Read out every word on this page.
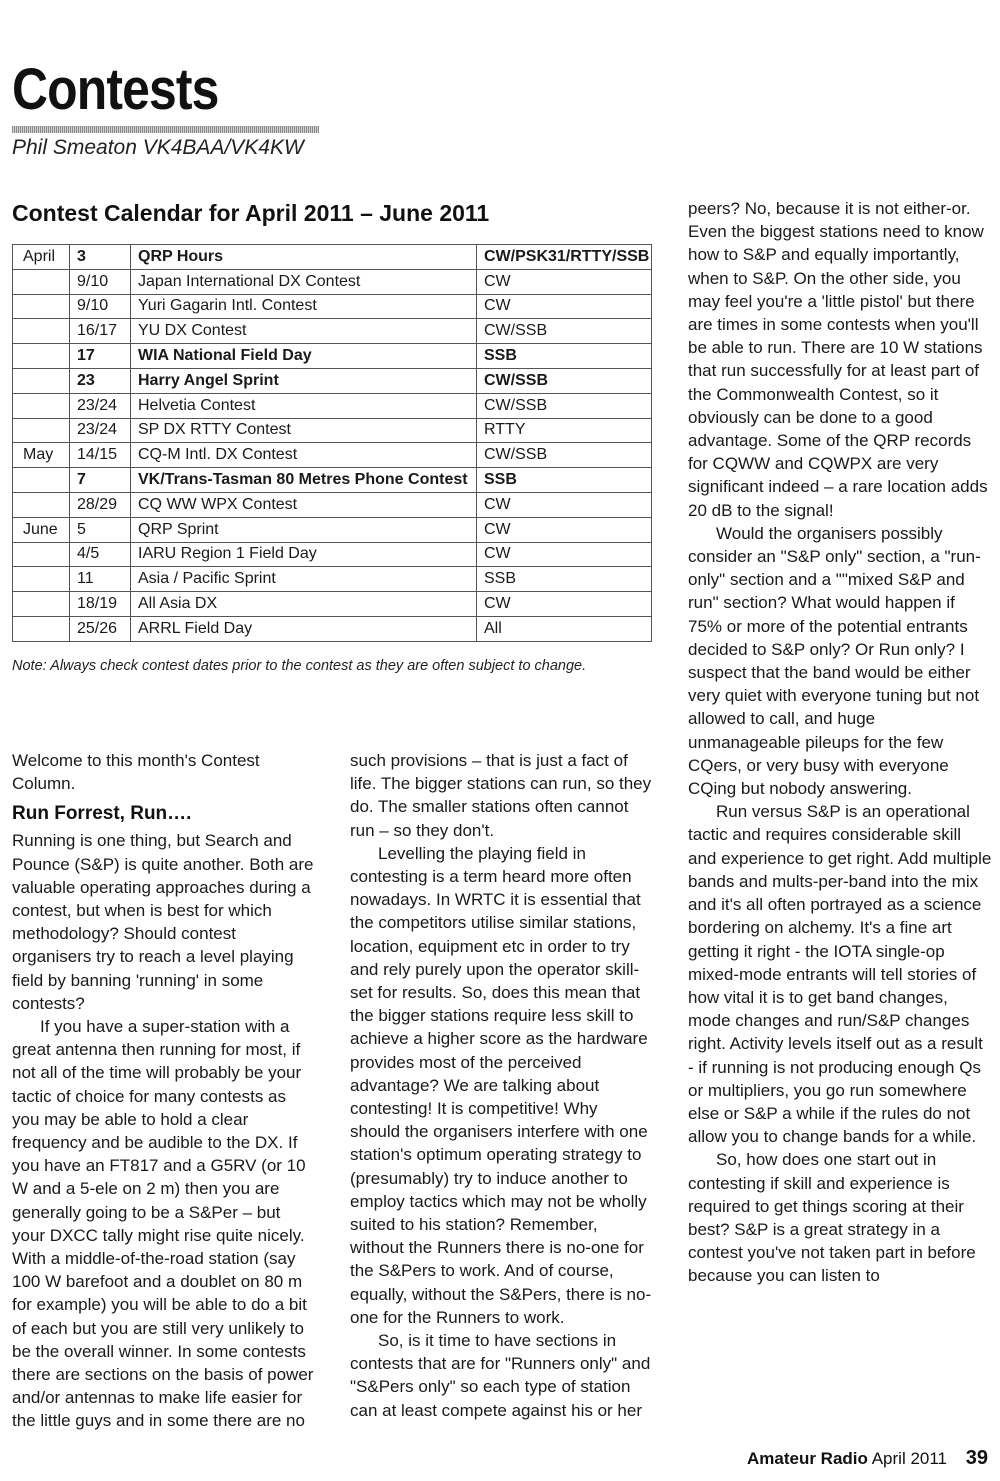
Contests

Phil Smeaton VK4BAA/VK4KW

Contest Calendar for April 2011 – June 2011
April	3	QRP Hours	CW/PSK31/RTTY/SSB
	9/10	Japan International DX Contest	CW
	9/10	Yuri Gagarin Intl. Contest	CW
	16/17	YU DX Contest	CW/SSB
	17	WIA National Field Day	SSB
	23	Harry Angel Sprint	CW/SSB
	23/24	Helvetia Contest	CW/SSB
	23/24	SP DX RTTY Contest	RTTY
May	14/15	CQ-M Intl. DX Contest	CW/SSB
	7	VK/Trans-Tasman 80 Metres Phone Contest	SSB
	28/29	CQ WW WPX Contest	CW
June	5	QRP Sprint	CW
	4/5	IARU Region 1 Field Day	CW
	11	Asia / Pacific Sprint	SSB
	18/19	All Asia DX	CW
	25/26	ARRL Field Day	All

Note: Always check contest dates prior to the contest as they are often subject to change.

Welcome to this month's Contest Column.

Run Forrest, Run….

Running is one thing, but Search and Pounce (S&P) is quite another. Both are valuable operating approaches during a contest, but when is best for which methodology? Should contest organisers try to reach a level playing field by banning 'running' in some contests?

If you have a super-station with a great antenna then running for most, if not all of the time will probably be your tactic of choice for many contests as you may be able to hold a clear frequency and be audible to the DX. If you have an FT817 and a G5RV (or 10 W and a 5-ele on 2 m) then you are generally going to be a S&Per – but your DXCC tally might rise quite nicely. With a middle-of-the-road station (say 100 W barefoot and a doublet on 80 m for example) you will be able to do a bit of each but you are still very unlikely to be the overall winner. In some contests there are sections on the basis of power and/or antennas to make life easier for the little guys and in some there are no

such provisions – that is just a fact of life. The bigger stations can run, so they do. The smaller stations often cannot run – so they don't.

Levelling the playing field in contesting is a term heard more often nowadays. In WRTC it is essential that the competitors utilise similar stations, location, equipment etc in order to try and rely purely upon the operator skill-set for results. So, does this mean that the bigger stations require less skill to achieve a higher score as the hardware provides most of the perceived advantage? We are talking about contesting! It is competitive! Why should the organisers interfere with one station's optimum operating strategy to (presumably) try to induce another to employ tactics which may not be wholly suited to his station? Remember, without the Runners there is no-one for the S&Pers to work. And of course, equally, without the S&Pers, there is no-one for the Runners to work.

So, is it time to have sections in contests that are for "Runners only" and "S&Pers only" so each type of station can at least compete against his or her

peers? No, because it is not either-or. Even the biggest stations need to know how to S&P and equally importantly, when to S&P. On the other side, you may feel you're a 'little pistol' but there are times in some contests when you'll be able to run. There are 10 W stations that run successfully for at least part of the Commonwealth Contest, so it obviously can be done to a good advantage. Some of the QRP records for CQWW and CQWPX are very significant indeed – a rare location adds 20 dB to the signal!

Would the organisers possibly consider an "S&P only" section, a "run-only" section and a ""mixed S&P and run" section? What would happen if 75% or more of the potential entrants decided to S&P only? Or Run only? I suspect that the band would be either very quiet with everyone tuning but not allowed to call, and huge unmanageable pileups for the few CQers, or very busy with everyone CQing but nobody answering.

Run versus S&P is an operational tactic and requires considerable skill and experience to get right. Add multiple bands and mults-per-band into the mix and it's all often portrayed as a science bordering on alchemy. It's a fine art getting it right - the IOTA single-op mixed-mode entrants will tell stories of how vital it is to get band changes, mode changes and run/S&P changes right. Activity levels itself out as a result - if running is not producing enough Qs or multipliers, you go run somewhere else or S&P a while if the rules do not allow you to change bands for a while.

So, how does one start out in contesting if skill and experience is required to get things scoring at their best? S&P is a great strategy in a contest you've not taken part in before because you can listen to

Amateur Radio April 2011 39
